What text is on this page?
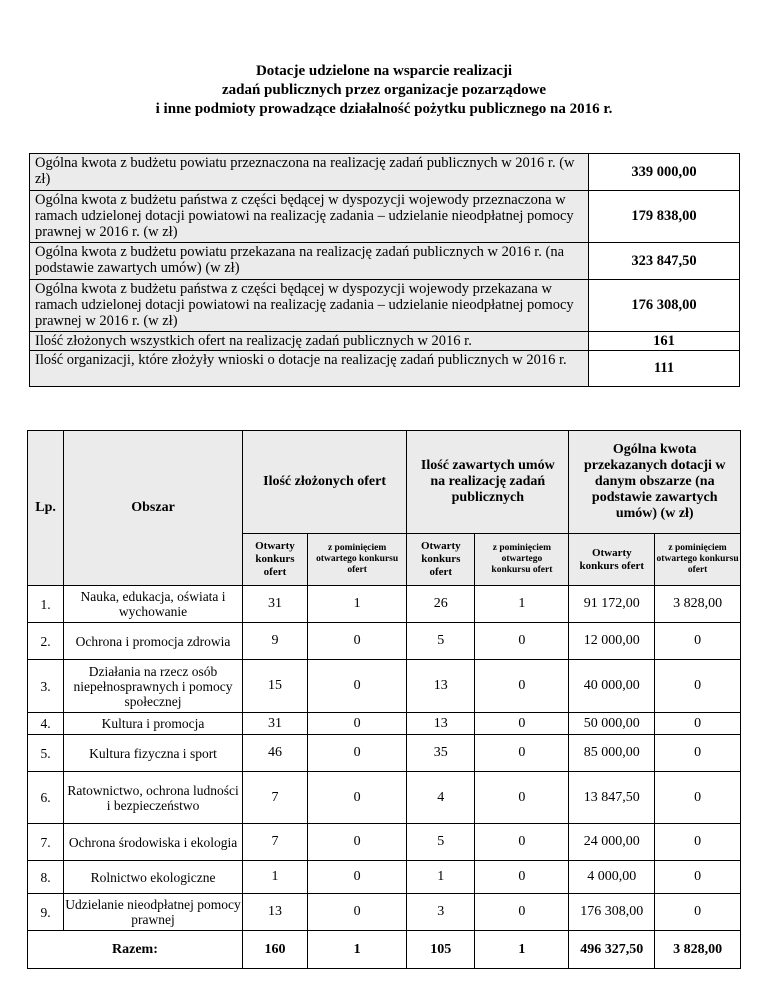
Dotacje udzielone na wsparcie realizacji
zadań publicznych przez organizacje pozarządowe
i inne podmioty prowadzące działalność pożytku publicznego na 2016 r.
Ogólna kwota z budżetu powiatu przeznaczona na realizację zadań publicznych w 2016 r. (w zł)	339 000,00
Ogólna kwota z budżetu państwa z części będącej w dyspozycji wojewody przeznaczona w ramach udzielonej dotacji powiatowi na realizację zadania – udzielanie nieodpłatnej pomocy prawnej w 2016 r. (w zł)	179 838,00
Ogólna kwota z budżetu powiatu przekazana na realizację zadań publicznych w 2016 r. (na podstawie zawartych umów) (w zł)	323 847,50
Ogólna kwota z budżetu państwa z części będącej w dyspozycji wojewody przekazana w ramach udzielonej dotacji powiatowi na realizację zadania – udzielanie nieodpłatnej pomocy prawnej w 2016 r. (w zł)	176 308,00
Ilość złożonych wszystkich ofert na realizację zadań publicznych w 2016 r.	161
Ilość organizacji, które złożyły wnioski o dotacje na realizację zadań publicznych w 2016 r.	111
Lp.	Obszar	Ilość złożonych ofert		Ilość zawartych umów na realizację zadań publicznych		Ogólna kwota przekazanych dotacji w danym obszarze (na podstawie zawartych umów) (w zł)	
		Otwarty konkurs ofert	z pominięciem otwartego konkursu ofert	Otwarty konkurs ofert	z pominięciem otwartego konkursu ofert	Otwarty konkurs ofert	z pominięciem otwartego konkursu ofert
1.	Nauka, edukacja, oświata i wychowanie	31	1	26	1	91 172,00	3 828,00
2.	Ochrona i promocja zdrowia	9	0	5	0	12 000,00	0
3.	Działania na rzecz osób niepełnosprawnych i pomocy społecznej	15	0	13	0	40 000,00	0
4.	Kultura i promocja	31	0	13	0	50 000,00	0
5.	Kultura fizyczna i sport	46	0	35	0	85 000,00	0
6.	Ratownictwo, ochrona ludności i bezpieczeństwo	7	0	4	0	13 847,50	0
7.	Ochrona środowiska i ekologia	7	0	5	0	24 000,00	0
8.	Rolnictwo ekologiczne	1	0	1	0	4 000,00	0
9.	Udzielanie nieodpłatnej pomocy prawnej	13	0	3	0	176 308,00	0
Razem:		160	1	105	1	496 327,50	3 828,00
